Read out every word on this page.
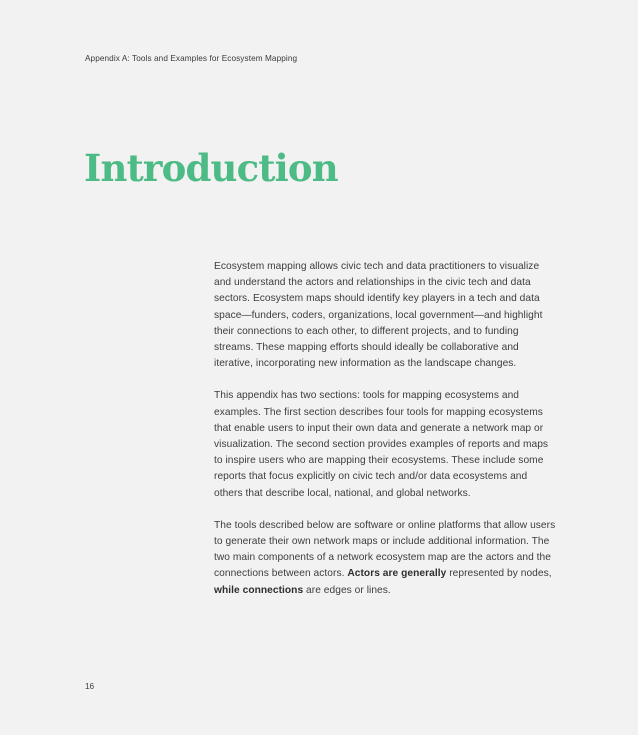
Appendix A: Tools and Examples for Ecosystem Mapping
Introduction

Ecosystem mapping allows civic tech and data practitioners to visualize
and understand the actors and relationships in the civic tech and data
sectors. Ecosystem maps should identify key players in a tech and data
space—funders, coders, organizations, local government—and highlight
their connections to each other, to different projects, and to funding
streams. These mapping efforts should ideally be collaborative and
iterative, incorporating new information as the landscape changes.

This appendix has two sections: tools for mapping ecosystems and
examples. The first section describes four tools for mapping ecosystems
that enable users to input their own data and generate a network map or
visualization. The second section provides examples of reports and maps
to inspire users who are mapping their ecosystems. These include some
reports that focus explicitly on civic tech and/or data ecosystems and
others that describe local, national, and global networks.

The tools described below are software or online platforms that allow users
to generate their own network maps or include additional information. The
two main components of a network ecosystem map are the actors and the
connections between actors. Actors are generally represented by nodes,
while connections are edges or lines.

16
